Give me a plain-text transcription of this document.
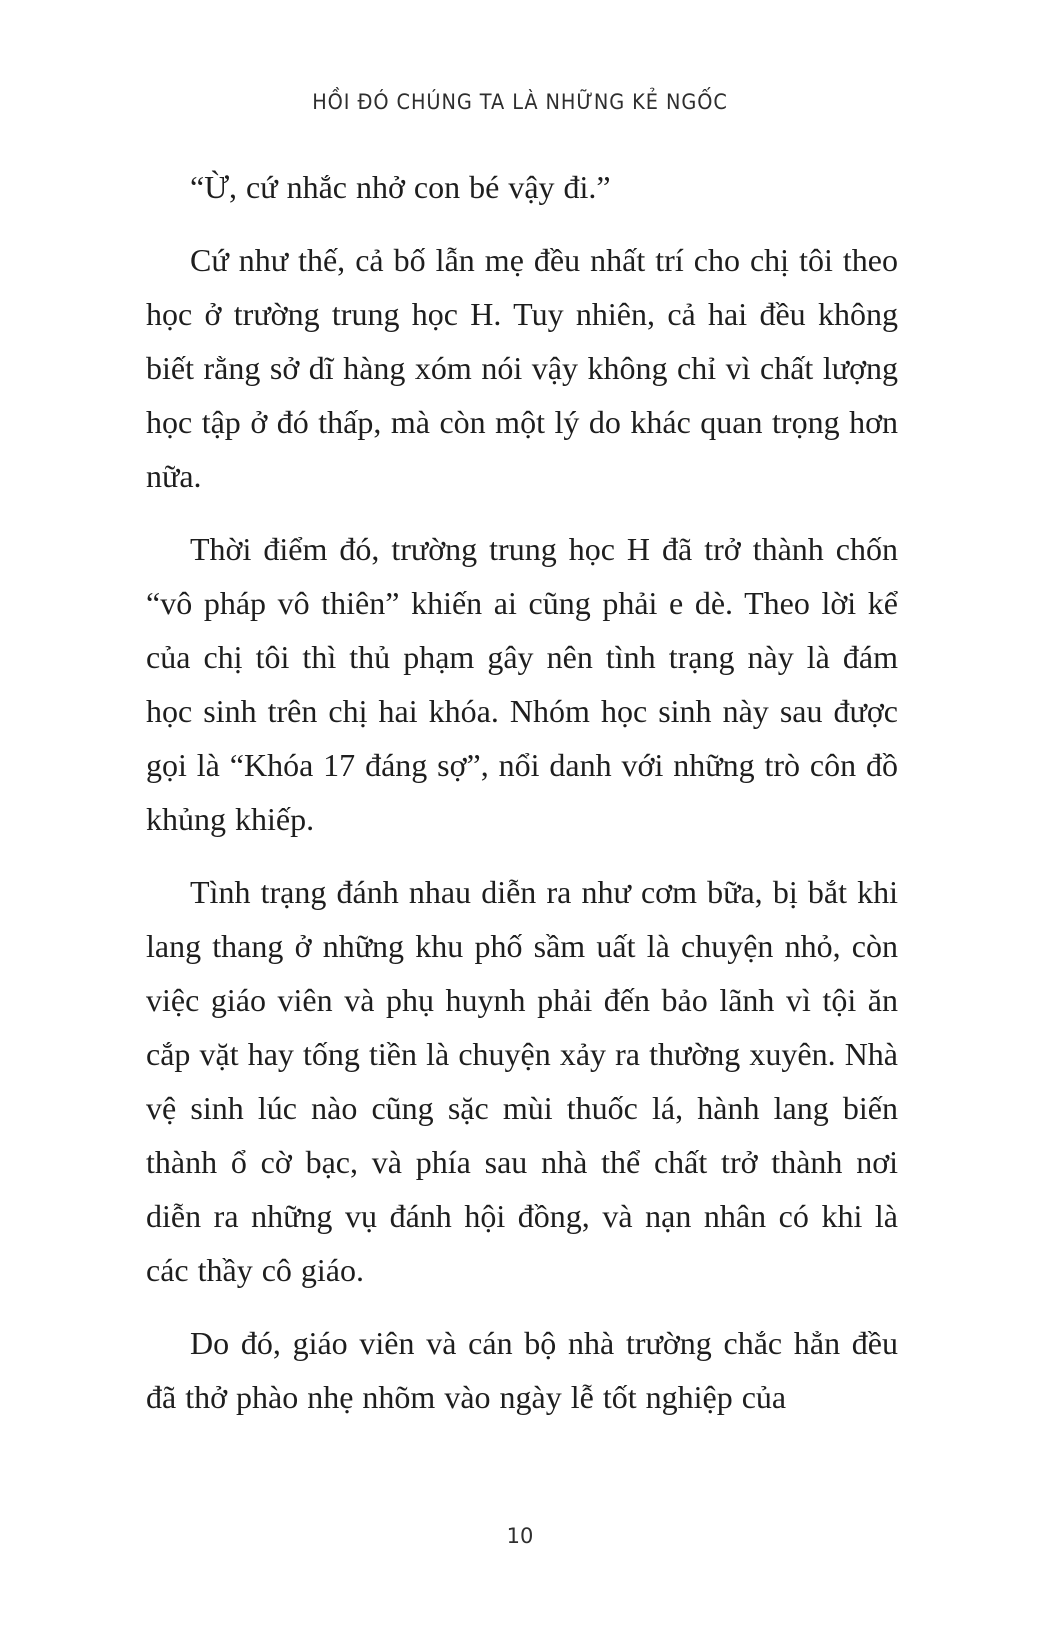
HỒI ĐÓ CHÚNG TA LÀ NHỮNG KẺ NGỐC

“Ừ, cứ nhắc nhở con bé vậy đi.”

Cứ như thế, cả bố lẫn mẹ đều nhất trí cho chị tôi theo học ở trường trung học H. Tuy nhiên, cả hai đều không biết rằng sở dĩ hàng xóm nói vậy không chỉ vì chất lượng học tập ở đó thấp, mà còn một lý do khác quan trọng hơn nữa.

Thời điểm đó, trường trung học H đã trở thành chốn “vô pháp vô thiên” khiến ai cũng phải e dè. Theo lời kể của chị tôi thì thủ phạm gây nên tình trạng này là đám học sinh trên chị hai khóa. Nhóm học sinh này sau được gọi là “Khóa 17 đáng sợ”, nổi danh với những trò côn đồ khủng khiếp.

Tình trạng đánh nhau diễn ra như cơm bữa, bị bắt khi lang thang ở những khu phố sầm uất là chuyện nhỏ, còn việc giáo viên và phụ huynh phải đến bảo lãnh vì tội ăn cắp vặt hay tống tiền là chuyện xảy ra thường xuyên. Nhà vệ sinh lúc nào cũng sặc mùi thuốc lá, hành lang biến thành ổ cờ bạc, và phía sau nhà thể chất trở thành nơi diễn ra những vụ đánh hội đồng, và nạn nhân có khi là các thầy cô giáo.

Do đó, giáo viên và cán bộ nhà trường chắc hẳn đều đã thở phào nhẹ nhõm vào ngày lễ tốt nghiệp của

10
